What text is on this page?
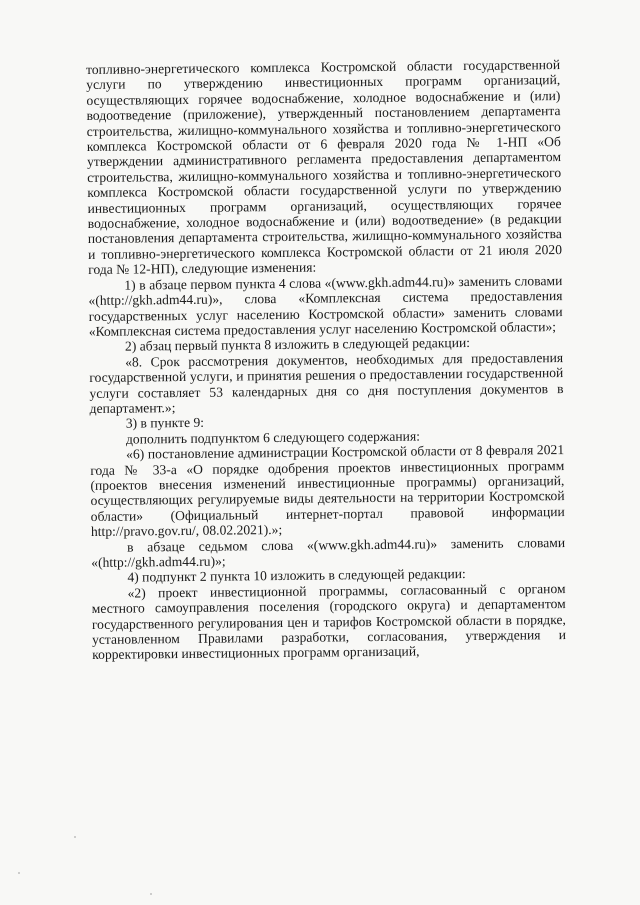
топливно-энергетического комплекса Костромской области государственной услуги по утверждению инвестиционных программ организаций, осуществляющих горячее водоснабжение, холодное водоснабжение и (или) водоотведение (приложение), утвержденный постановлением департамента строительства, жилищно-коммунального хозяйства и топливно-энергетического комплекса Костромской области от 6 февраля 2020 года № 1-НП «Об утверждении административного регламента предоставления департаментом строительства, жилищно-коммунального хозяйства и топливно-энергетического комплекса Костромской области государственной услуги по утверждению инвестиционных программ организаций, осуществляющих горячее водоснабжение, холодное водоснабжение и (или) водоотведение» (в редакции постановления департамента строительства, жилищно-коммунального хозяйства и топливно-энергетического комплекса Костромской области от 21 июля 2020 года № 12-НП), следующие изменения:

1) в абзаце первом пункта 4 слова «(www.gkh.adm44.ru)» заменить словами «(http://gkh.adm44.ru)», слова «Комплексная система предоставления государственных услуг населению Костромской области» заменить словами «Комплексная система предоставления услуг населению Костромской области»;

2) абзац первый пункта 8 изложить в следующей редакции:

«8. Срок рассмотрения документов, необходимых для предоставления государственной услуги, и принятия решения о предоставлении государственной услуги составляет 53 календарных дня со дня поступления документов в департамент.»;

3) в пункте 9:

дополнить подпунктом 6 следующего содержания:

«6) постановление администрации Костромской области от 8 февраля 2021 года № 33-а «О порядке одобрения проектов инвестиционных программ (проектов внесения изменений инвестиционные программы) организаций, осуществляющих регулируемые виды деятельности на территории Костромской области» (Официальный интернет-портал правовой информации http://pravo.gov.ru/, 08.02.2021).»;

в абзаце седьмом слова «(www.gkh.adm44.ru)» заменить словами «(http://gkh.adm44.ru)»;

4) подпункт 2 пункта 10 изложить в следующей редакции:

«2) проект инвестиционной программы, согласованный с органом местного самоуправления поселения (городского округа) и департаментом государственного регулирования цен и тарифов Костромской области в порядке, установленном Правилами разработки, согласования, утверждения и корректировки инвестиционных программ организаций,
